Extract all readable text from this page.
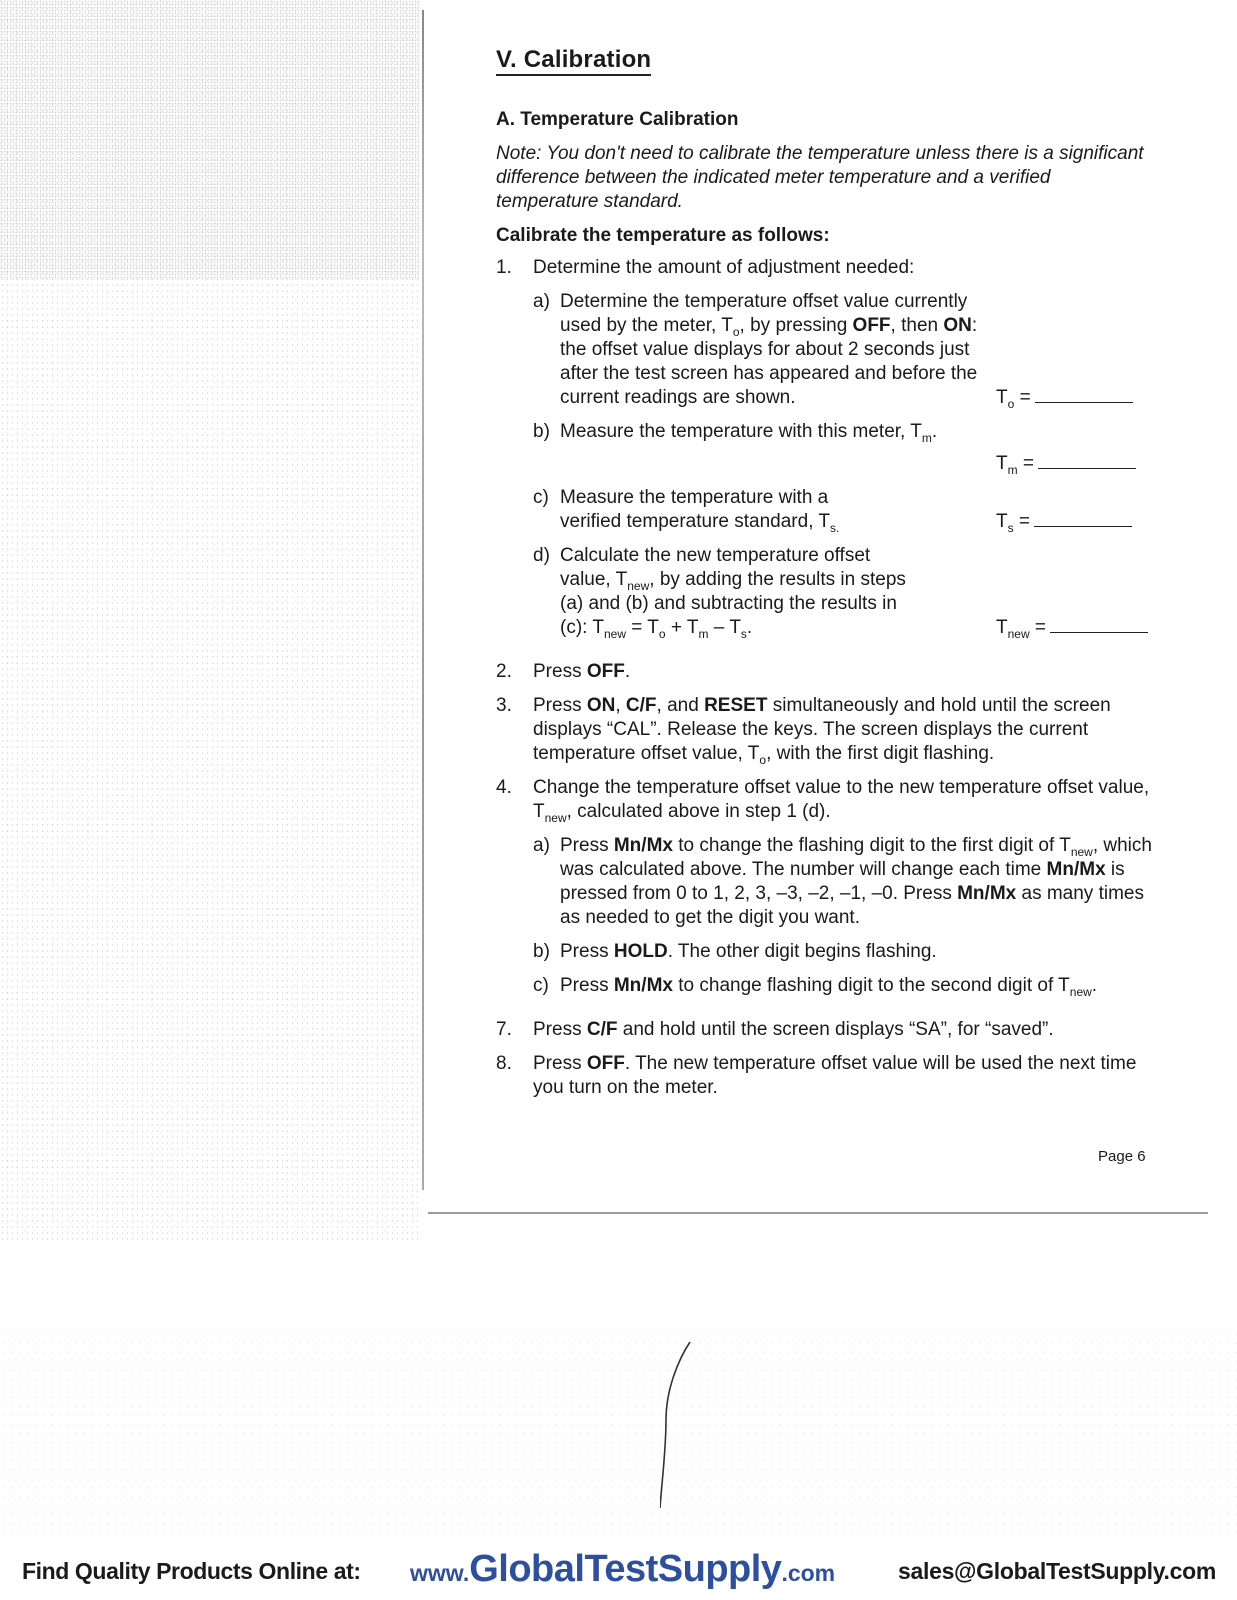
V. Calibration
A. Temperature Calibration

Note: You don't need to calibrate the temperature unless there is a significant difference between the indicated meter temperature and a verified temperature standard.

Calibrate the temperature as follows:

1.	Determine the amount of adjustment needed:
a) Determine the temperature offset value currently used by the meter, $T_o$, by pressing OFF, then ON: the offset value displays for about 2 seconds just after the test screen has appeared and before the current readings are shown.	$T_o$ =
b) Measure the temperature with this meter, $T_m$.
$T_m$ =
c) Measure the temperature with a verified temperature standard, $T_{s.}$	$T_s$ =
d) Calculate the new temperature offset value, $T_{new}$, by adding the results in steps (a) and (b) and subtracting the results in (c): $T_{new} = T_o + T_m - T_s$.	$T_{new}$ =
2.	Press OFF.
3.	Press ON, C/F, and RESET simultaneously and hold until the screen displays “CAL”. Release the keys. The screen displays the current temperature offset value, $T_o$, with the first digit flashing.
4.	Change the temperature offset value to the new temperature offset value, $T_{new}$, calculated above in step 1 (d).
a) Press Mn/Mx to change the flashing digit to the first digit of $T_{new}$, which was calculated above. The number will change each time Mn/Mx is pressed from 0 to 1, 2, 3, –3, –2, –1, –0. Press Mn/Mx as many times as needed to get the digit you want.
b) Press HOLD. The other digit begins flashing.
c) Press Mn/Mx to change flashing digit to the second digit of $T_{new}$.
7.	Press C/F and hold until the screen displays “SA”, for “saved”.
8.	Press OFF. The new temperature offset value will be used the next time you turn on the meter.
Page 6
Find Quality Products Online at: www.GlobalTestSupply.com	sales@GlobalTestSupply.com
